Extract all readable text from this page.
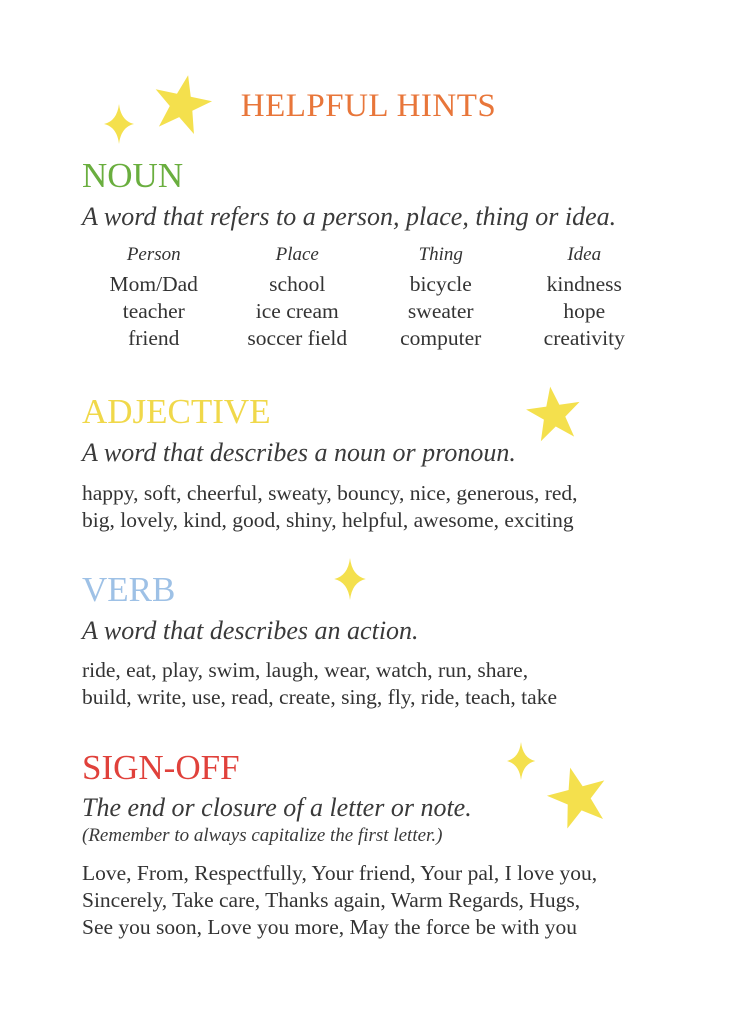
HELPFUL HINTS
NOUN
A word that refers to a person, place, thing or idea.
Person
Mom/Dad
teacher
friend
Place
school
ice cream
soccer field
Thing
bicycle
sweater
computer
Idea
kindness
hope
creativity
ADJECTIVE
A word that describes a noun or pronoun.
happy, soft, cheerful, sweaty, bouncy, nice, generous, red,
big, lovely, kind, good, shiny, helpful, awesome, exciting
VERB
A word that describes an action.
ride, eat, play, swim, laugh, wear, watch, run, share,
build, write, use, read, create, sing, fly, ride, teach, take
SIGN-OFF
The end or closure of a letter or note.
(Remember to always capitalize the first letter.)
Love, From, Respectfully, Your friend, Your pal, I love you,
Sincerely, Take care, Thanks again, Warm Regards, Hugs,
See you soon, Love you more, May the force be with you
